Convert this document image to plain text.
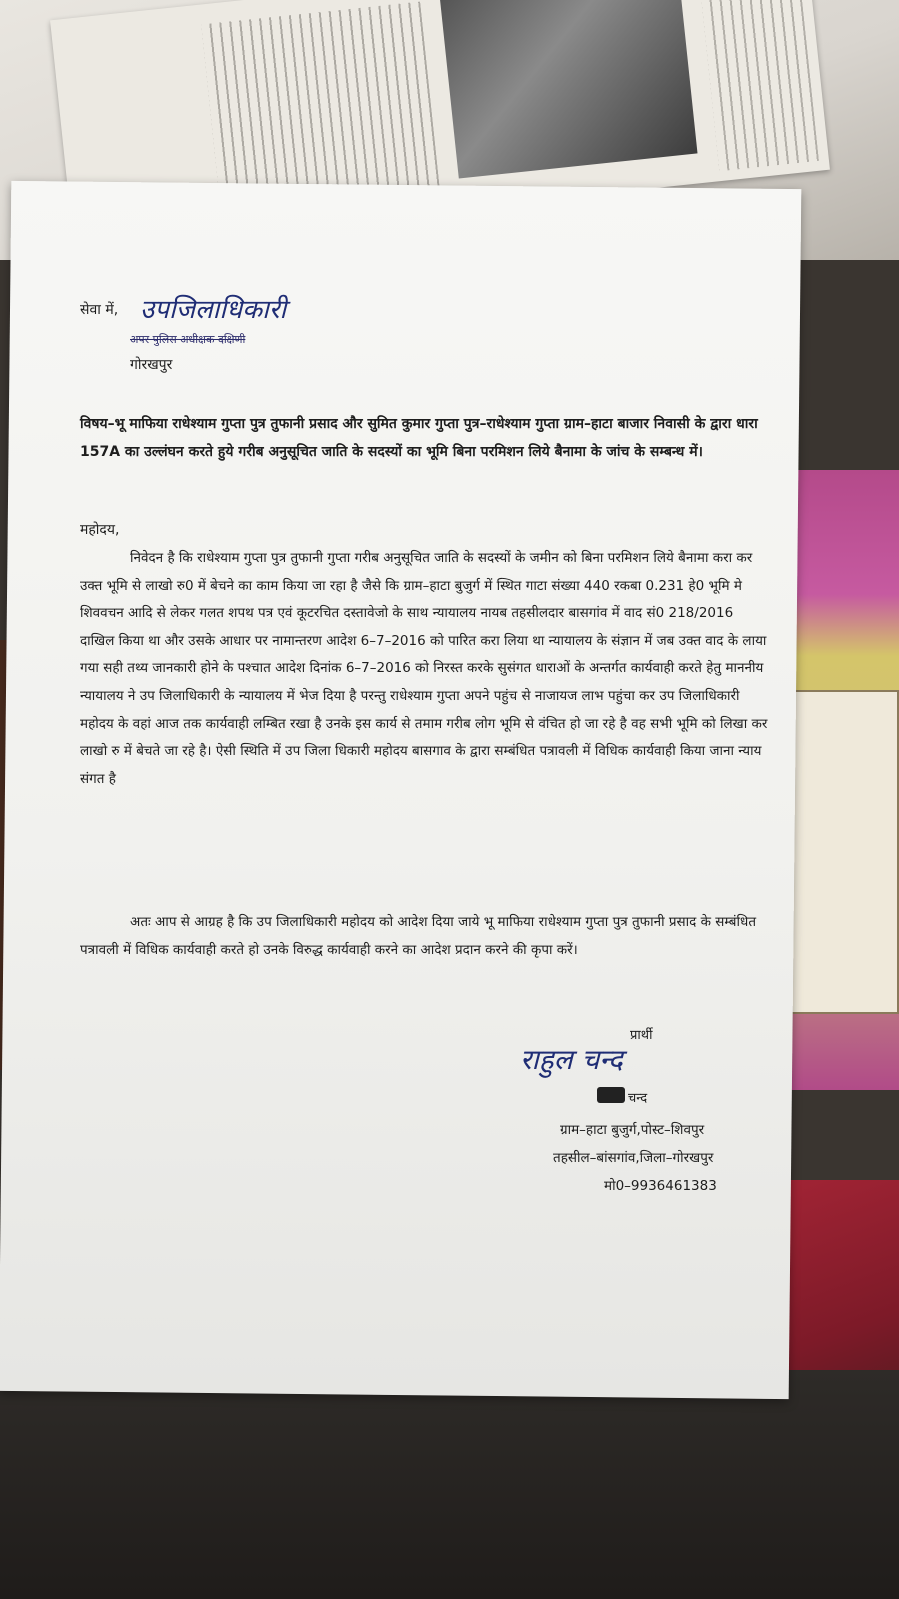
सेवा में, उपजिलाधिकारी
अपर पुलिस अधीक्षक दक्षिणी
गोरखपुर
विषय–भू माफिया राधेश्याम गुप्ता पुत्र तुफानी प्रसाद और सुमित कुमार गुप्ता पुत्र–राधेश्याम गुप्ता ग्राम–हाटा बाजार निवासी के द्वारा धारा 157A का उल्लंघन करते हुये गरीब अनुसूचित जाति के सदस्यों का भूमि बिना परमिशन लिये बैनामा के जांच के सम्बन्ध में।
महोदय,
निवेदन है कि राधेश्याम गुप्ता पुत्र तुफानी गुप्ता गरीब अनुसूचित जाति के सदस्यों के जमीन को बिना परमिशन लिये बैनामा करा कर उक्त भूमि से लाखो रु0 में बेचने का काम किया जा रहा है जैसे कि ग्राम–हाटा बुजुर्ग में स्थित गाटा संख्या 440 रकबा 0.231 हे0 भूमि मे शिववचन आदि से लेकर गलत शपथ पत्र एवं कूटरचित दस्तावेजो के साथ न्यायालय नायब तहसीलदार बासगांव में वाद सं0 218/2016 दाखिल किया था और उसके आधार पर नामान्तरण आदेश 6–7–2016 को पारित करा लिया था न्यायालय के संज्ञान में जब उक्त वाद के लाया गया सही तथ्य जानकारी होने के पश्चात आदेश दिनांक 6–7–2016 को निरस्त करके सुसंगत धाराओं के अन्तर्गत कार्यवाही करते हेतु माननीय न्यायालय ने उप जिलाधिकारी के न्यायालय में भेज दिया है परन्तु राधेश्याम गुप्ता अपने पहुंच से नाजायज लाभ पहुंचा कर उप जिलाधिकारी महोदय के वहां आज तक कार्यवाही लम्बित रखा है उनके इस कार्य से तमाम गरीब लोग भूमि से वंचित हो जा रहे है वह सभी भूमि को लिखा कर लाखो रु में बेचते जा रहे है। ऐसी स्थिति में उप जिला धिकारी महोदय बासगाव के द्वारा सम्बंधित पत्रावली में विधिक कार्यवाही किया जाना न्याय संगत है
अतः आप से आग्रह है कि उप जिलाधिकारी महोदय को आदेश दिया जाये भू माफिया राधेश्याम गुप्ता पुत्र तुफानी प्रसाद के सम्बंधित पत्रावली में विधिक कार्यवाही करते हो उनके विरुद्ध कार्यवाही करने का आदेश प्रदान करने की कृपा करें।
प्रार्थी
राहुल चन्द
चन्द
ग्राम–हाटा बुजुर्ग,पोस्ट–शिवपुर
तहसील–बांसगांव,जिला–गोरखपुर
मो0–9936461383
